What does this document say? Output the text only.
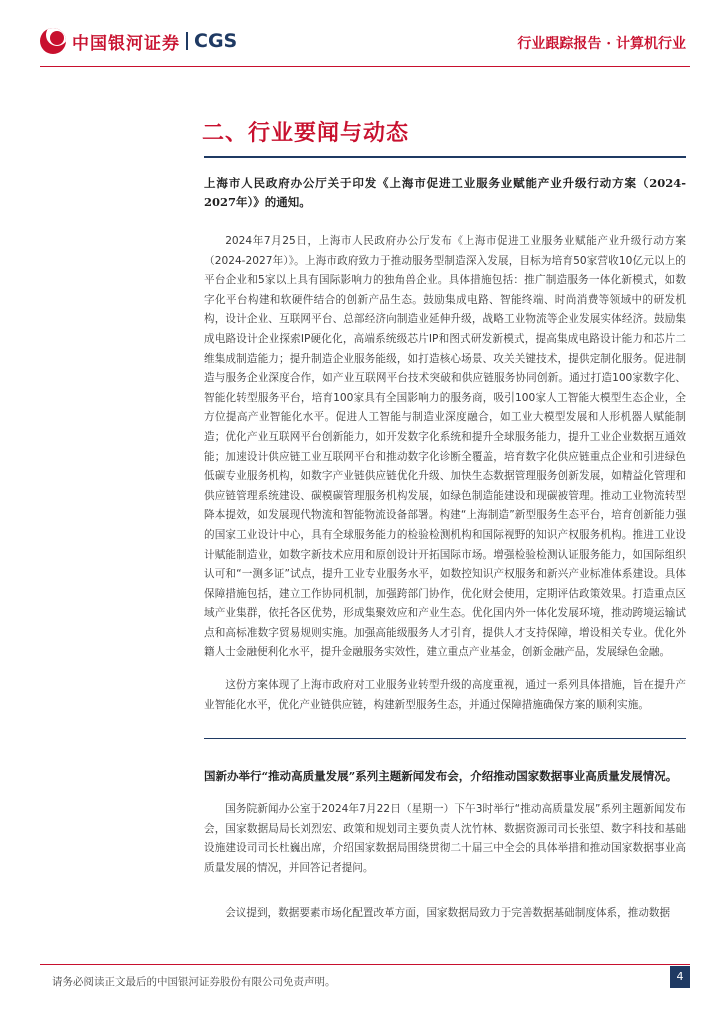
中国银河证券 CGS	行业跟踪报告 · 计算机行业
二、行业要闻与动态
上海市人民政府办公厅关于印发《上海市促进工业服务业赋能产业升级行动方案（2024-2027年）》的通知。
2024年7月25日，上海市人民政府办公厅发布《上海市促进工业服务业赋能产业升级行动方案（2024-2027年）》。上海市政府致力于推动服务型制造深入发展，目标为培育50家营收10亿元以上的平台企业和5家以上具有国际影响力的独角兽企业。具体措施包括：推广制造服务一体化新模式，如数字化平台构建和软硬件结合的创新产品生态。鼓励集成电路、智能终端、时尚消费等领域中的研发机构，设计企业、互联网平台、总部经济向制造业延伸升级，战略工业物流等企业发展实体经济。鼓励集成电路设计企业探索IP硬化化，高端系统级芯片IP和图式研发新模式，提高集成电路设计能力和芯片二维集成制造能力；提升制造企业服务能级，如打造核心场景、攻关关键技术，提供定制化服务。促进制造与服务企业深度合作，如产业互联网平台技术突破和供应链服务协同创新。通过打造100家数字化、智能化转型服务平台，培育100家具有全国影响力的服务商，吸引100家人工智能大模型生态企业，全方位提高产业智能化水平。促进人工智能与制造业深度融合，如工业大模型发展和人形机器人赋能制造；优化产业互联网平台创新能力，如开发数字化系统和提升全球服务能力，提升工业企业数据互通效能；加速设计供应链工业互联网平台和推动数字化诊断全覆盖，培育数字化供应链重点企业和引进绿色低碳专业服务机构，如数字产业链供应链优化升级、加快生态数据管理服务创新发展，如精益化管理和供应链管理系统建设、碳模碳管理服务机构发展，如绿色制造能建设和现碳被管理。推动工业物流转型降本提效，如发展现代物流和智能物流设备部署。构建“上海制造”新型服务生态平台，培育创新能力强的国家工业设计中心，具有全球服务能力的检验检测机构和国际视野的知识产权服务机构。推进工业设计赋能制造业，如数字新技术应用和原创设计开拓国际市场。增强检验检测认证服务能力，如国际组织认可和“一测多证”试点，提升工业专业服务水平，如数控知识产权服务和新兴产业标准体系建设。具体保障措施包括，建立工作协同机制，加强跨部门协作，优化财会使用，定期评估政策效果。打造重点区域产业集群，依托各区优势，形成集聚效应和产业生态。优化国内外一体化发展环境，推动跨境运输试点和高标准数字贸易规则实施。加强高能级服务人才引育，提供人才支持保障，增设相关专业。优化外籍人士金融便利化水平，提升金融服务实效性，建立重点产业基金，创新金融产品，发展绿色金融。
这份方案体现了上海市政府对工业服务业转型升级的高度重视，通过一系列具体措施，旨在提升产业智能化水平，优化产业链供应链，构建新型服务生态，并通过保障措施确保方案的顺利实施。
国新办举行“推动高质量发展”系列主题新闻发布会，介绍推动国家数据事业高质量发展情况。
国务院新闻办公室于2024年7月22日（星期一）下午3时举行“推动高质量发展”系列主题新闻发布会，国家数据局局长刘烈宏、政策和规划司主要负责人沈竹林、数据资源司司长张望、数字科技和基础设施建设司司长杜巍出席，介绍国家数据局围绕贯彻二十届三中全会的具体举措和推动国家数据事业高质量发展的情况，并回答记者提问。
会议提到，数据要素市场化配置改革方面，国家数据局致力于完善数据基础制度体系，推动数据
请务必阅读正文最后的中国银河证券股份有限公司免责声明。	4
